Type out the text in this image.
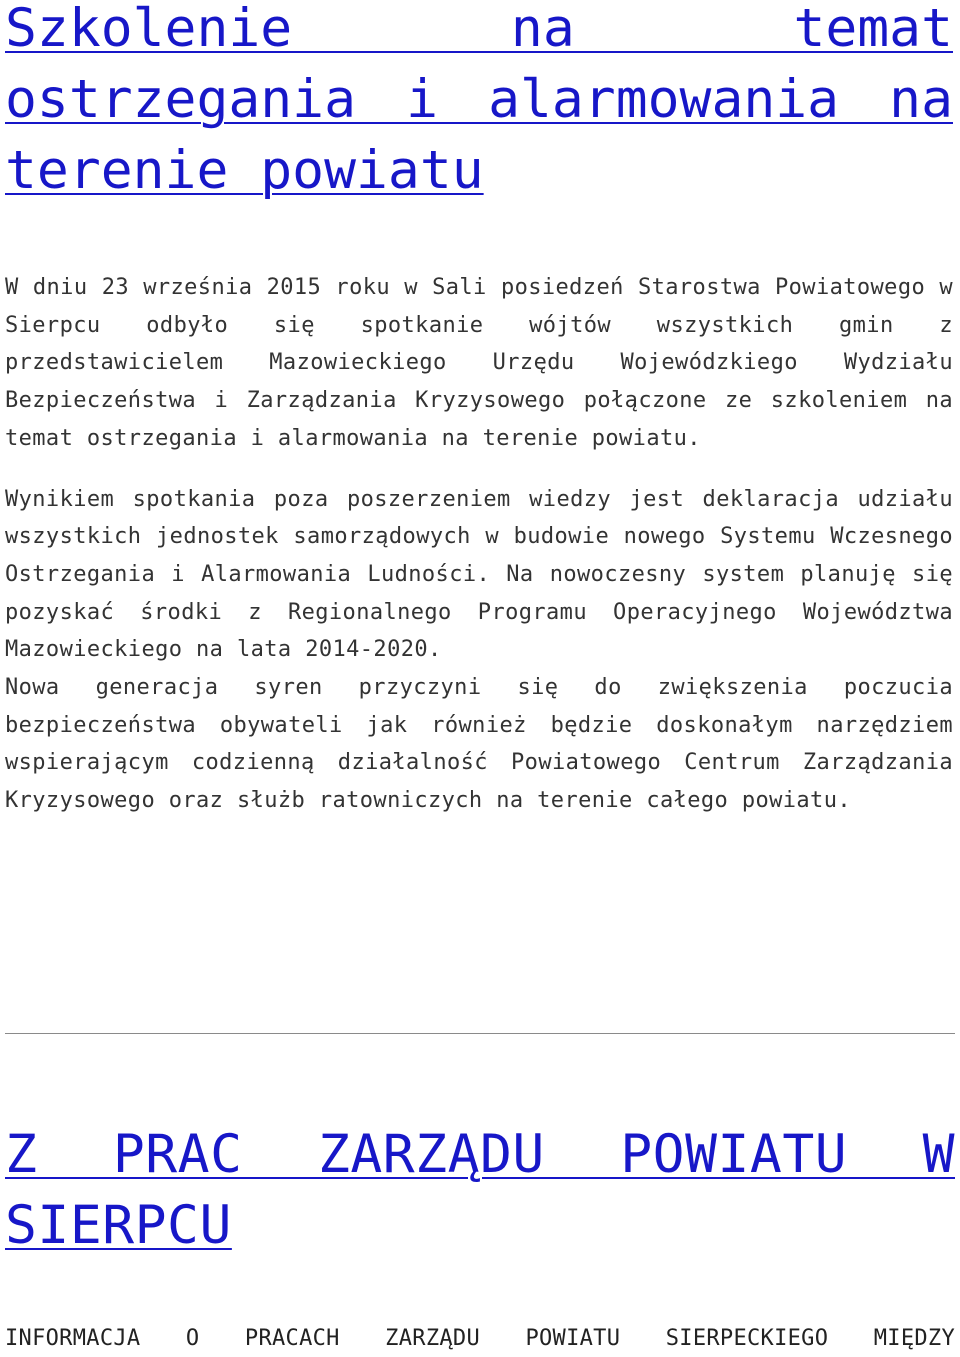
Szkolenie na temat ostrzegania i alarmowania na terenie powiatu

W dniu 23 września 2015 roku w Sali posiedzeń Starostwa Powiatowego w Sierpcu odbyło się spotkanie wójtów wszystkich gmin z przedstawicielem Mazowieckiego Urzędu Wojewódzkiego Wydziału Bezpieczeństwa i Zarządzania Kryzysowego połączone ze szkoleniem na temat ostrzegania i alarmowania na terenie powiatu.

Wynikiem spotkania poza poszerzeniem wiedzy jest deklaracja udziału wszystkich jednostek samorządowych w budowie nowego Systemu Wczesnego Ostrzegania i Alarmowania Ludności. Na nowoczesny system planuję się pozyskać środki z Regionalnego Programu Operacyjnego Województwa Mazowieckiego na lata 2014-2020.

Nowa generacja syren przyczyni się do zwiększenia poczucia bezpieczeństwa obywateli jak również będzie doskonałym narzędziem wspierającym codzienną działalność Powiatowego Centrum Zarządzania Kryzysowego oraz służb ratowniczych na terenie całego powiatu.

Z PRAC ZARZĄDU POWIATU W SIERPCU

INFORMACJA O PRACACH ZARZĄDU POWIATU SIERPECKIEGO MIĘDZY
